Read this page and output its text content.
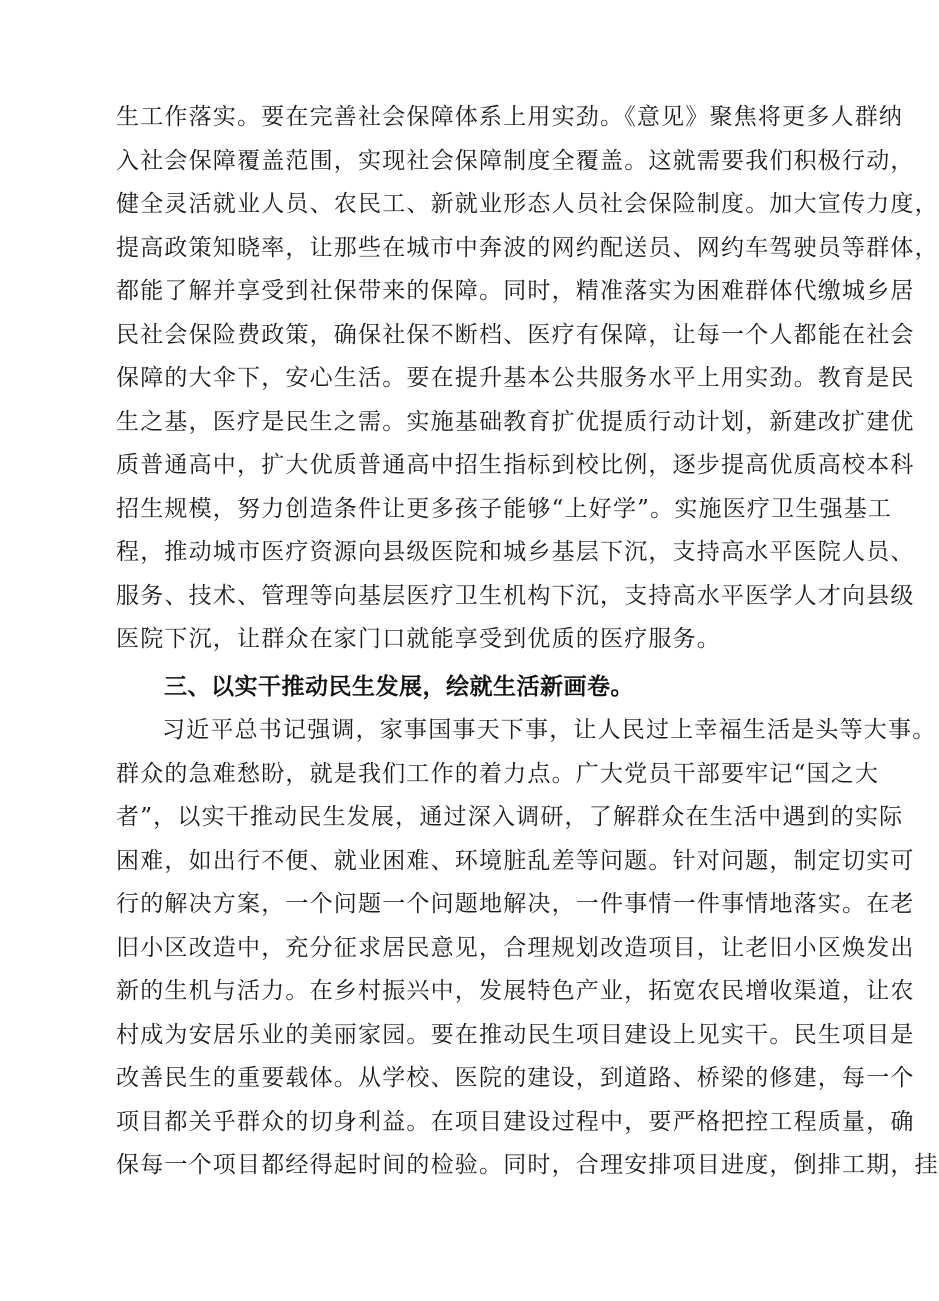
生工作落实。要在完善社会保障体系上用实劲。《意见》聚焦将更多人群纳
入社会保障覆盖范围，实现社会保障制度全覆盖。这就需要我们积极行动，
健全灵活就业人员、农民工、新就业形态人员社会保险制度。加大宣传力度，
提高政策知晓率，让那些在城市中奔波的网约配送员、网约车驾驶员等群体，
都能了解并享受到社保带来的保障。同时，精准落实为困难群体代缴城乡居
民社会保险费政策，确保社保不断档、医疗有保障，让每一个人都能在社会
保障的大伞下，安心生活。要在提升基本公共服务水平上用实劲。教育是民
生之基，医疗是民生之需。实施基础教育扩优提质行动计划，新建改扩建优
质普通高中，扩大优质普通高中招生指标到校比例，逐步提高优质高校本科
招生规模，努力创造条件让更多孩子能够“上好学”。实施医疗卫生强基工
程，推动城市医疗资源向县级医院和城乡基层下沉，支持高水平医院人员、
服务、技术、管理等向基层医疗卫生机构下沉，支持高水平医学人才向县级
医院下沉，让群众在家门口就能享受到优质的医疗服务。
三、以实干推动民生发展，绘就生活新画卷。
习近平总书记强调，家事国事天下事，让人民过上幸福生活是头等大事。
群众的急难愁盼，就是我们工作的着力点。广大党员干部要牢记“国之大
者”，以实干推动民生发展，通过深入调研，了解群众在生活中遇到的实际
困难，如出行不便、就业困难、环境脏乱差等问题。针对问题，制定切实可
行的解决方案，一个问题一个问题地解决，一件事情一件事情地落实。在老
旧小区改造中，充分征求居民意见，合理规划改造项目，让老旧小区焕发出
新的生机与活力。在乡村振兴中，发展特色产业，拓宽农民增收渠道，让农
村成为安居乐业的美丽家园。要在推动民生项目建设上见实干。民生项目是
改善民生的重要载体。从学校、医院的建设，到道路、桥梁的修建，每一个
项目都关乎群众的切身利益。在项目建设过程中，要严格把控工程质量，确
保每一个项目都经得起时间的检验。同时，合理安排项目进度，倒排工期，挂
